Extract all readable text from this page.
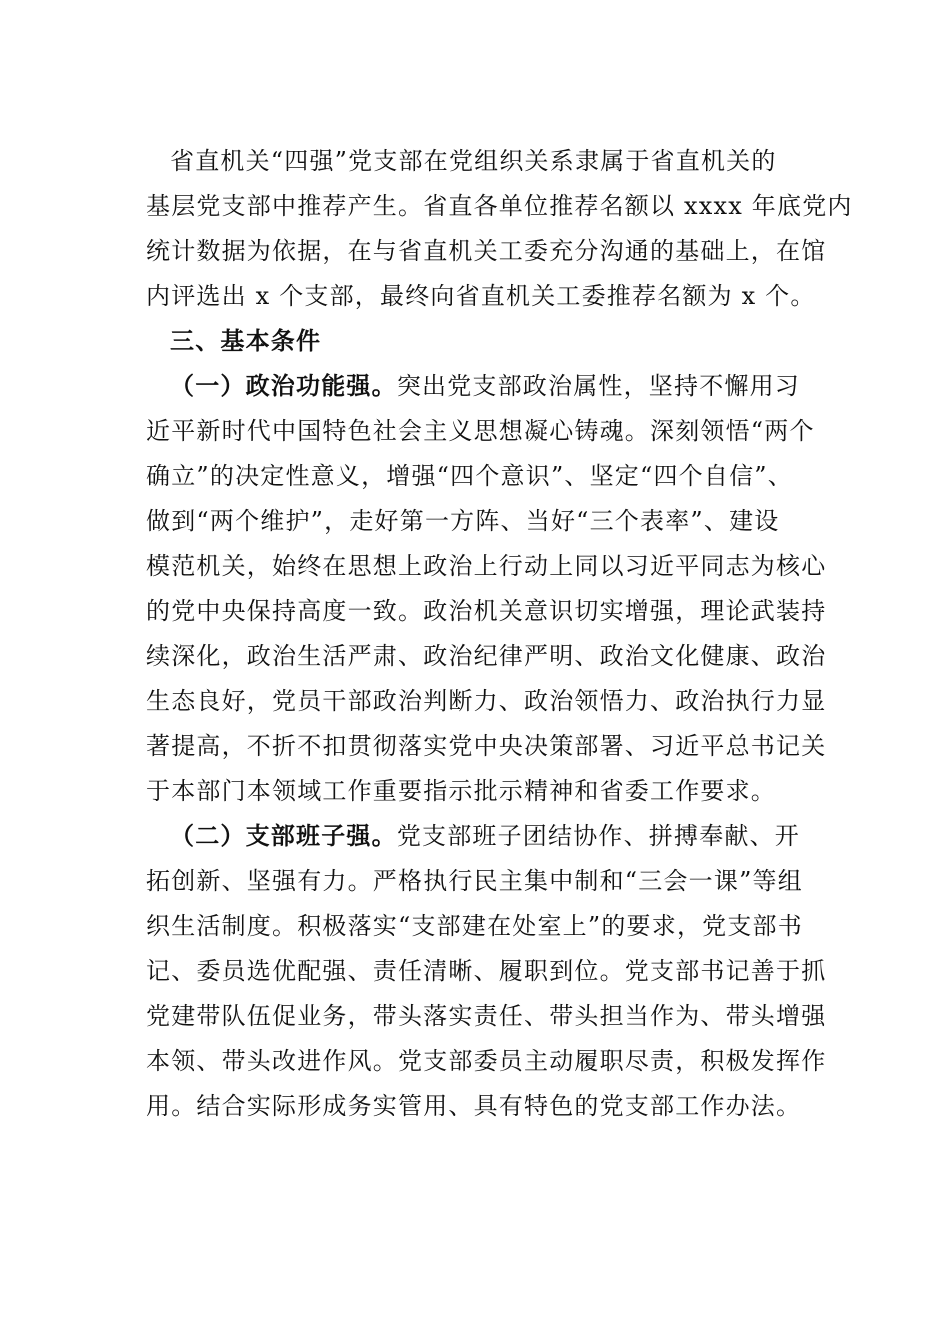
省直机关“四强”党支部在党组织关系隶属于省直机关的
基层党支部中推荐产生。省直各单位推荐名额以 xxxx 年底党内
统计数据为依据，在与省直机关工委充分沟通的基础上，在馆
内评选出 x 个支部，最终向省直机关工委推荐名额为 x 个。
三、基本条件
（一）政治功能强。突出党支部政治属性，坚持不懈用习
近平新时代中国特色社会主义思想凝心铸魂。深刻领悟“两个
确立”的决定性意义，增强“四个意识”、坚定“四个自信”、
做到“两个维护”，走好第一方阵、当好“三个表率”、建设
模范机关，始终在思想上政治上行动上同以习近平同志为核心
的党中央保持高度一致。政治机关意识切实增强，理论武装持
续深化，政治生活严肃、政治纪律严明、政治文化健康、政治
生态良好，党员干部政治判断力、政治领悟力、政治执行力显
著提高，不折不扣贯彻落实党中央决策部署、习近平总书记关
于本部门本领域工作重要指示批示精神和省委工作要求。
（二）支部班子强。党支部班子团结协作、拼搏奉献、开
拓创新、坚强有力。严格执行民主集中制和“三会一课”等组
织生活制度。积极落实“支部建在处室上”的要求，党支部书
记、委员选优配强、责任清晰、履职到位。党支部书记善于抓
党建带队伍促业务，带头落实责任、带头担当作为、带头增强
本领、带头改进作风。党支部委员主动履职尽责，积极发挥作
用。结合实际形成务实管用、具有特色的党支部工作办法。
